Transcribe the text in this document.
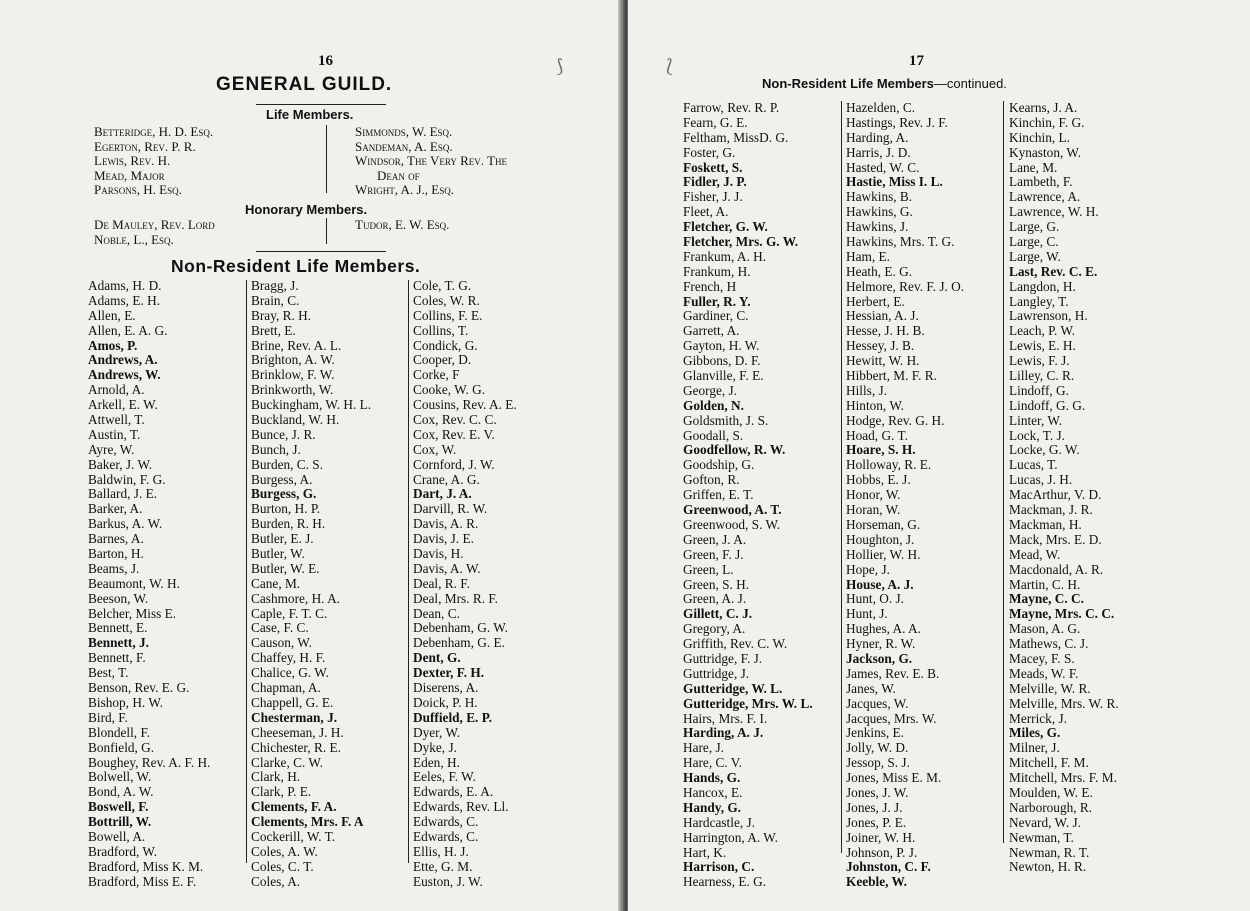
16	⟆
GENERAL GUILD.
Life Members.
Betteridge, H. D. Esq.
Egerton, Rev. P. R.
Lewis, Rev. H.
Mead, Major
Parsons, H. Esq.
Simmonds, W. Esq.
Sandeman, A. Esq.
Windsor, The Very Rev. The
Dean of
Wright, A. J., Esq.
Honorary Members.
De Mauley, Rev. Lord
Noble, L., Esq.
Tudor, E. W. Esq.
Non-Resident Life Members.
Adams, H. D.
Adams, E. H.
Allen, E.
Allen, E. A. G.
Amos, P.
Andrews, A.
Andrews, W.
Arnold, A.
Arkell, E. W.
Attwell, T.
Austin, T.
Ayre, W.
Baker, J. W.
Baldwin, F. G.
Ballard, J. E.
Barker, A.
Barkus, A. W.
Barnes, A.
Barton, H.
Beams, J.
Beaumont, W. H.
Beeson, W.
Belcher, Miss E.
Bennett, E.
Bennett, J.
Bennett, F.
Best, T.
Benson, Rev. E. G.
Bishop, H. W.
Bird, F.
Blondell, F.
Bonfield, G.
Boughey, Rev. A. F. H.
Bolwell, W.
Bond, A. W.
Boswell, F.
Bottrill, W.
Bowell, A.
Bradford, W.
Bradford, Miss K. M.
Bradford, Miss E. F.
Bragg, J.
Brain, C.
Bray, R. H.
Brett, E.
Brine, Rev. A. L.
Brighton, A. W.
Brinklow, F. W.
Brinkworth, W.
Buckingham, W. H. L.
Buckland, W. H.
Bunce, J. R.
Bunch, J.
Burden, C. S.
Burgess, A.
Burgess, G.
Burton, H. P.
Burden, R. H.
Butler, E. J.
Butler, W.
Butler, W. E.
Cane, M.
Cashmore, H. A.
Caple, F. T. C.
Case, F. C.
Causon, W.
Chaffey, H. F.
Chalice, G. W.
Chapman, A.
Chappell, G. E.
Chesterman, J.
Cheeseman, J. H.
Chichester, R. E.
Clarke, C. W.
Clark, H.
Clark, P. E.
Clements, F. A.
Clements, Mrs. F. A
Cockerill, W. T.
Coles, A. W.
Coles, C. T.
Coles, A.
Cole, T. G.
Coles, W. R.
Collins, F. E.
Collins, T.
Condick, G.
Cooper, D.
Corke, F
Cooke, W. G.
Cousins, Rev. A. E.
Cox, Rev. C. C.
Cox, Rev. E. V.
Cox, W.
Cornford, J. W.
Crane, A. G.
Dart, J. A.
Darvill, R. W.
Davis, A. R.
Davis, J. E.
Davis, H.
Davis, A. W.
Deal, R. F.
Deal, Mrs. R. F.
Dean, C.
Debenham, G. W.
Debenham, G. E.
Dent, G.
Dexter, F. H.
Diserens, A.
Doick, P. H.
Duffield, E. P.
Dyer, W.
Dyke, J.
Eden, H.
Eeles, F. W.
Edwards, E. A.
Edwards, Rev. Ll.
Edwards, C.
Edwards, C.
Ellis, H. J.
Ette, G. M.
Euston, J. W.
⟅	17
Non-Resident Life Members—continued.
Farrow, Rev. R. P.
Fearn, G. E.
Feltham, MissD. G.
Foster, G.
Foskett, S.
Fidler, J. P.
Fisher, J. J.
Fleet, A.
Fletcher, G. W.
Fletcher, Mrs. G. W.
Frankum, A. H.
Frankum, H.
French, H
Fuller, R. Y.
Gardiner, C.
Garrett, A.
Gayton, H. W.
Gibbons, D. F.
Glanville, F. E.
George, J.
Golden, N.
Goldsmith, J. S.
Goodall, S.
Goodfellow, R. W.
Goodship, G.
Gofton, R.
Griffen, E. T.
Greenwood, A. T.
Greenwood, S. W.
Green, J. A.
Green, F. J.
Green, L.
Green, S. H.
Green, A. J.
Gillett, C. J.
Gregory, A.
Griffith, Rev. C. W.
Guttridge, F. J.
Guttridge, J.
Gutteridge, W. L.
Gutteridge, Mrs. W. L.
Hairs, Mrs. F. I.
Harding, A. J.
Hare, J.
Hare, C. V.
Hands, G.
Hancox, E.
Handy, G.
Hardcastle, J.
Harrington, A. W.
Hart, K.
Harrison, C.
Hearness, E. G.
Hazelden, C.
Hastings, Rev. J. F.
Harding, A.
Harris, J. D.
Hasted, W. C.
Hastie, Miss I. L.
Hawkins, B.
Hawkins, G.
Hawkins, J.
Hawkins, Mrs. T. G.
Ham, E.
Heath, E. G.
Helmore, Rev. F. J. O.
Herbert, E.
Hessian, A. J.
Hesse, J. H. B.
Hessey, J. B.
Hewitt, W. H.
Hibbert, M. F. R.
Hills, J.
Hinton, W.
Hodge, Rev. G. H.
Hoad, G. T.
Hoare, S. H.
Holloway, R. E.
Hobbs, E. J.
Honor, W.
Horan, W.
Horseman, G.
Houghton, J.
Hollier, W. H.
Hope, J.
House, A. J.
Hunt, O. J.
Hunt, J.
Hughes, A. A.
Hyner, R. W.
Jackson, G.
James, Rev. E. B.
Janes, W.
Jacques, W.
Jacques, Mrs. W.
Jenkins, E.
Jolly, W. D.
Jessop, S. J.
Jones, Miss E. M.
Jones, J. W.
Jones, J. J.
Jones, P. E.
Joiner, W. H.
Johnson, P. J.
Johnston, C. F.
Keeble, W.
Kearns, J. A.
Kinchin, F. G.
Kinchin, L.
Kynaston, W.
Lane, M.
Lambeth, F.
Lawrence, A.
Lawrence, W. H.
Large, G.
Large, C.
Large, W.
Last, Rev. C. E.
Langdon, H.
Langley, T.
Lawrenson, H.
Leach, P. W.
Lewis, E. H.
Lewis, F. J.
Lilley, C. R.
Lindoff, G.
Lindoff, G. G.
Linter, W.
Lock, T. J.
Locke, G. W.
Lucas, T.
Lucas, J. H.
MacArthur, V. D.
Mackman, J. R.
Mackman, H.
Mack, Mrs. E. D.
Mead, W.
Macdonald, A. R.
Martin, C. H.
Mayne, C. C.
Mayne, Mrs. C. C.
Mason, A. G.
Mathews, C. J.
Macey, F. S.
Meads, W. F.
Melville, W. R.
Melville, Mrs. W. R.
Merrick, J.
Miles, G.
Milner, J.
Mitchell, F. M.
Mitchell, Mrs. F. M.
Moulden, W. E.
Narborough, R.
Nevard, W. J.
Newman, T.
Newman, R. T.
Newton, H. R.
